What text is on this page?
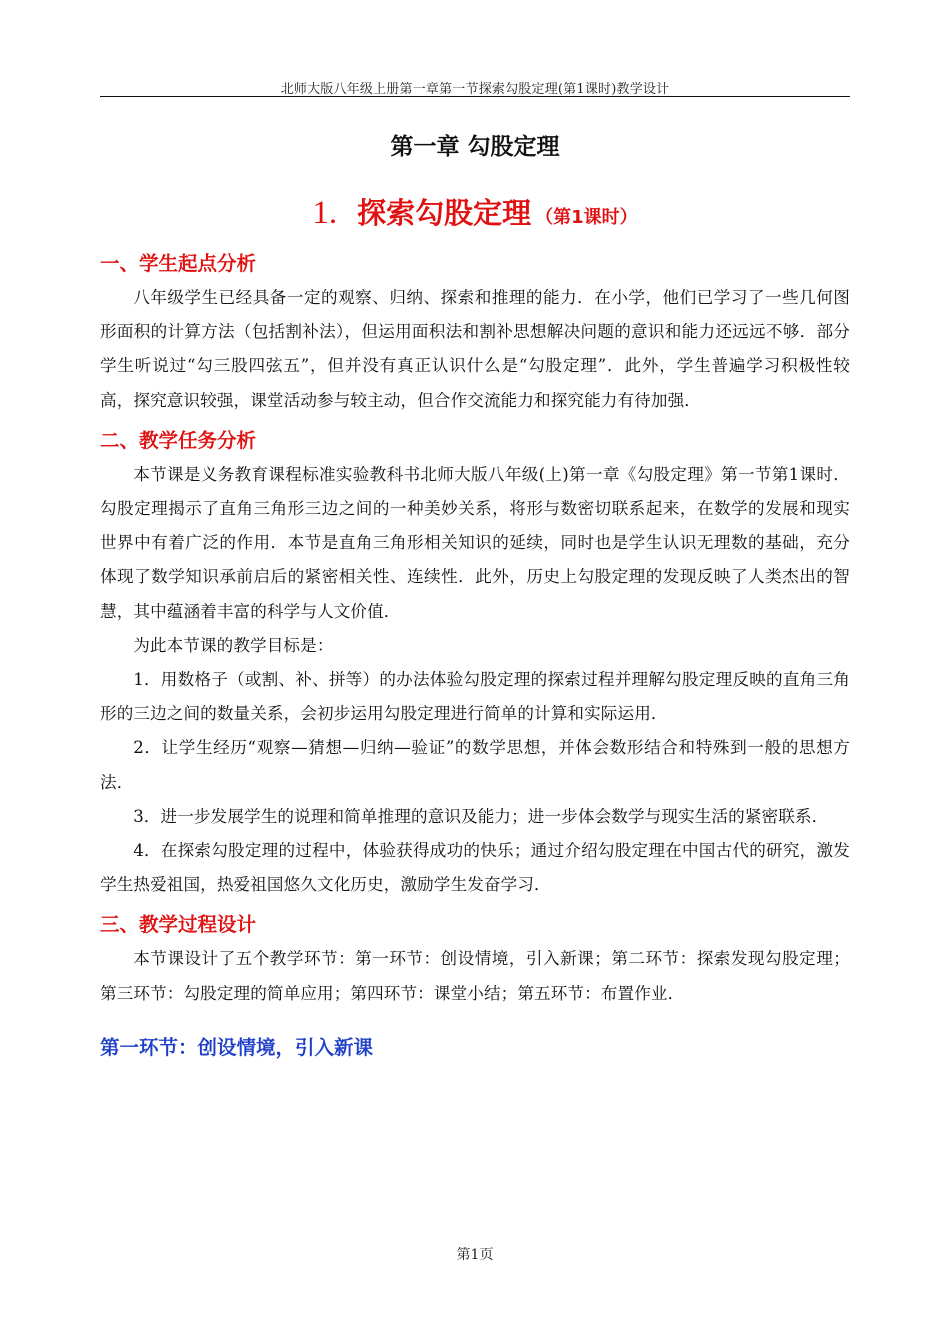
北师大版八年级上册第一章第一节探索勾股定理(第1课时)教学设计
第一章 勾股定理
1. 探索勾股定理 （第1课时）
一、学生起点分析

八年级学生已经具备一定的观察、归纳、探索和推理的能力．在小学，他们已学习了一些几何图形面积的计算方法（包括割补法），但运用面积法和割补思想解决问题的意识和能力还远远不够．部分学生听说过“勾三股四弦五”，但并没有真正认识什么是“勾股定理”．此外，学生普遍学习积极性较高，探究意识较强，课堂活动参与较主动，但合作交流能力和探究能力有待加强．

二、教学任务分析

本节课是义务教育课程标准实验教科书北师大版八年级(上)第一章《勾股定理》第一节第1课时．勾股定理揭示了直角三角形三边之间的一种美妙关系，将形与数密切联系起来，在数学的发展和现实世界中有着广泛的作用．本节是直角三角形相关知识的延续，同时也是学生认识无理数的基础，充分体现了数学知识承前启后的紧密相关性、连续性．此外，历史上勾股定理的发现反映了人类杰出的智慧，其中蕴涵着丰富的科学与人文价值．

为此本节课的教学目标是：

1．用数格子（或割、补、拼等）的办法体验勾股定理的探索过程并理解勾股定理反映的直角三角形的三边之间的数量关系，会初步运用勾股定理进行简单的计算和实际运用．

2．让学生经历“观察—猜想—归纳—验证”的数学思想，并体会数形结合和特殊到一般的思想方法．

3．进一步发展学生的说理和简单推理的意识及能力；进一步体会数学与现实生活的紧密联系．

4．在探索勾股定理的过程中，体验获得成功的快乐；通过介绍勾股定理在中国古代的研究，激发学生热爱祖国，热爱祖国悠久文化历史，激励学生发奋学习．

三、教学过程设计

本节课设计了五个教学环节：第一环节：创设情境，引入新课；第二环节：探索发现勾股定理；第三环节：勾股定理的简单应用；第四环节：课堂小结；第五环节：布置作业．

第一环节：创设情境，引入新课
第1页
